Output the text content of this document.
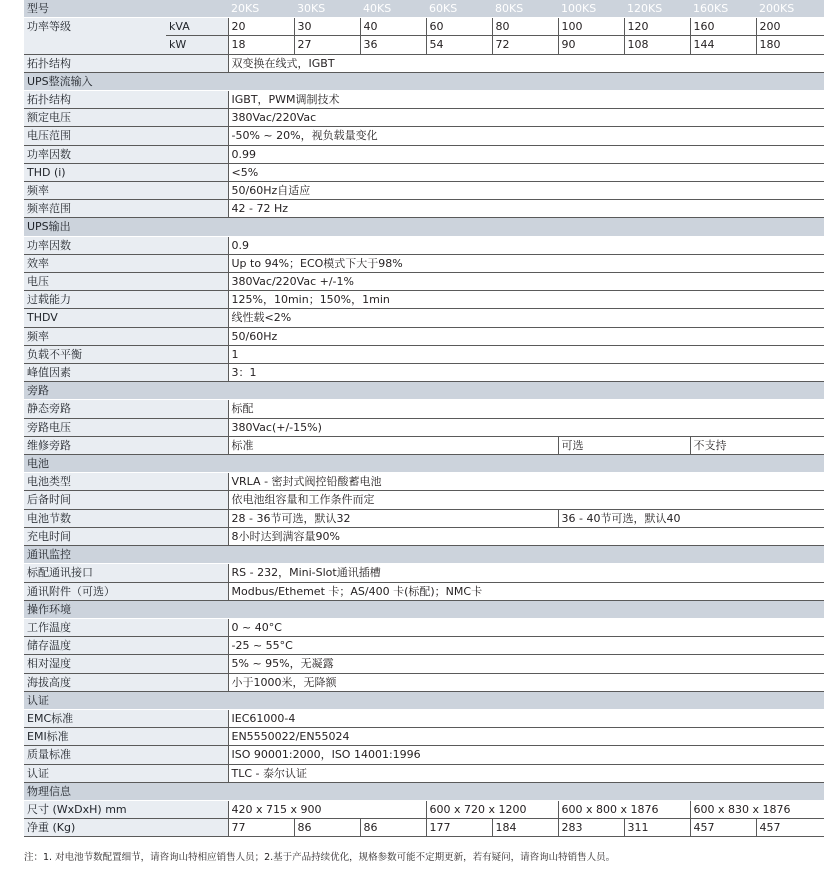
型号		20KS	30KS	40KS	60KS	80KS	100KS	120KS	160KS	200KS
功率等级	kVA	20	30	40	60	80	100	120	160	200
	kW	18	27	36	54	72	90	108	144	180
拓扑结构		双变换在线式，IGBT								
UPS整流输入										
拓扑结构		IGBT，PWM调制技术								
额定电压		380Vac/220Vac								
电压范围		-50% ~ 20%，视负载量变化								
功率因数		0.99								
THD (i)		<5%								
频率		50/60Hz自适应								
频率范围		42 - 72 Hz								
UPS输出										
功率因数		0.9								
效率		Up to 94%；ECO模式下大于98%								
电压		380Vac/220Vac +/-1%								
过载能力		125%，10min；150%，1min								
THDV		线性载<2%								
频率		50/60Hz								
负载不平衡		1								
峰值因素		3：1								
旁路										
静态旁路		标配								
旁路电压		380Vac(+/-15%)								
维修旁路		标准					可选		不支持	
电池										
电池类型		VRLA - 密封式阀控铅酸蓄电池								
后备时间		依电池组容量和工作条件而定								
电池节数		28 - 36节可选，默认32					36 - 40节可选，默认40			
充电时间		8小时达到满容量90%								
通讯监控										
标配通讯接口		RS - 232，Mini-Slot通讯插槽								
通讯附件（可选）		Modbus/Ethemet 卡；AS/400 卡(标配)；NMC卡								
操作环境										
工作温度		0 ~ 40°C								
储存温度		-25 ~ 55°C								
相对湿度		5% ~ 95%，无凝露								
海拔高度		小于1000米，无降额								
认证										
EMC标准		IEC61000-4								
EMI标准		EN5550022/EN55024								
质量标准		ISO 90001:2000，ISO 14001:1996								
认证		TLC - 泰尔认证								
物理信息										
尺寸 (WxDxH) mm		420 x 715 x 900			600 x 720 x 1200		600 x 800 x 1876		600 x 830 x 1876	
净重 (Kg)		77	86	86	177	184	283	311	457	457
注：1. 对电池节数配置细节，请咨询山特相应销售人员；2.基于产品持续优化，规格参数可能不定期更新，若有疑问，请咨询山特销售人员。
